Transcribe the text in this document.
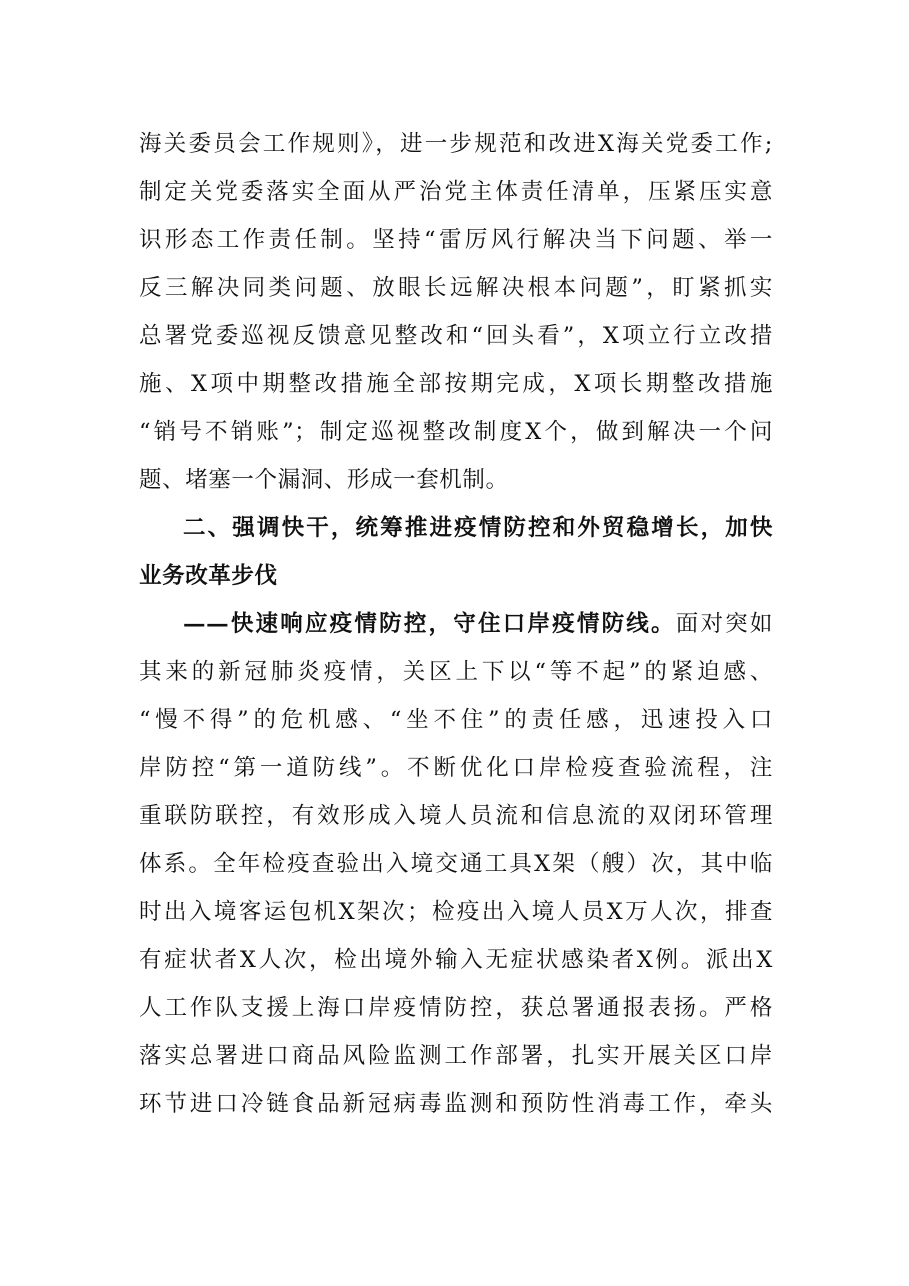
海关委员会工作规则》，进一步规范和改进X海关党委工作;
制定关党委落实全面从严治党主体责任清单，压紧压实意
识形态工作责任制。坚持“雷厉风行解决当下问题、举一
反三解决同类问题、放眼长远解决根本问题”，盯紧抓实
总署党委巡视反馈意见整改和“回头看”，X项立行立改措
施、X项中期整改措施全部按期完成，X项长期整改措施
“销号不销账”；制定巡视整改制度X个，做到解决一个问
题、堵塞一个漏洞、形成一套机制。
二、强调快干，统筹推进疫情防控和外贸稳增长，加快
业务改革步伐
——快速响应疫情防控，守住口岸疫情防线。面对突如
其来的新冠肺炎疫情，关区上下以“等不起”的紧迫感、
“慢不得”的危机感、“坐不住”的责任感，迅速投入口
岸防控“第一道防线”。不断优化口岸检疫查验流程，注
重联防联控，有效形成入境人员流和信息流的双闭环管理
体系。全年检疫查验出入境交通工具X架（艘）次，其中临
时出入境客运包机X架次；检疫出入境人员X万人次，排查
有症状者X人次，检出境外输入无症状感染者X例。派出X
人工作队支援上海口岸疫情防控，获总署通报表扬。严格
落实总署进口商品风险监测工作部署，扎实开展关区口岸
环节进口冷链食品新冠病毒监测和预防性消毒工作，牵头
